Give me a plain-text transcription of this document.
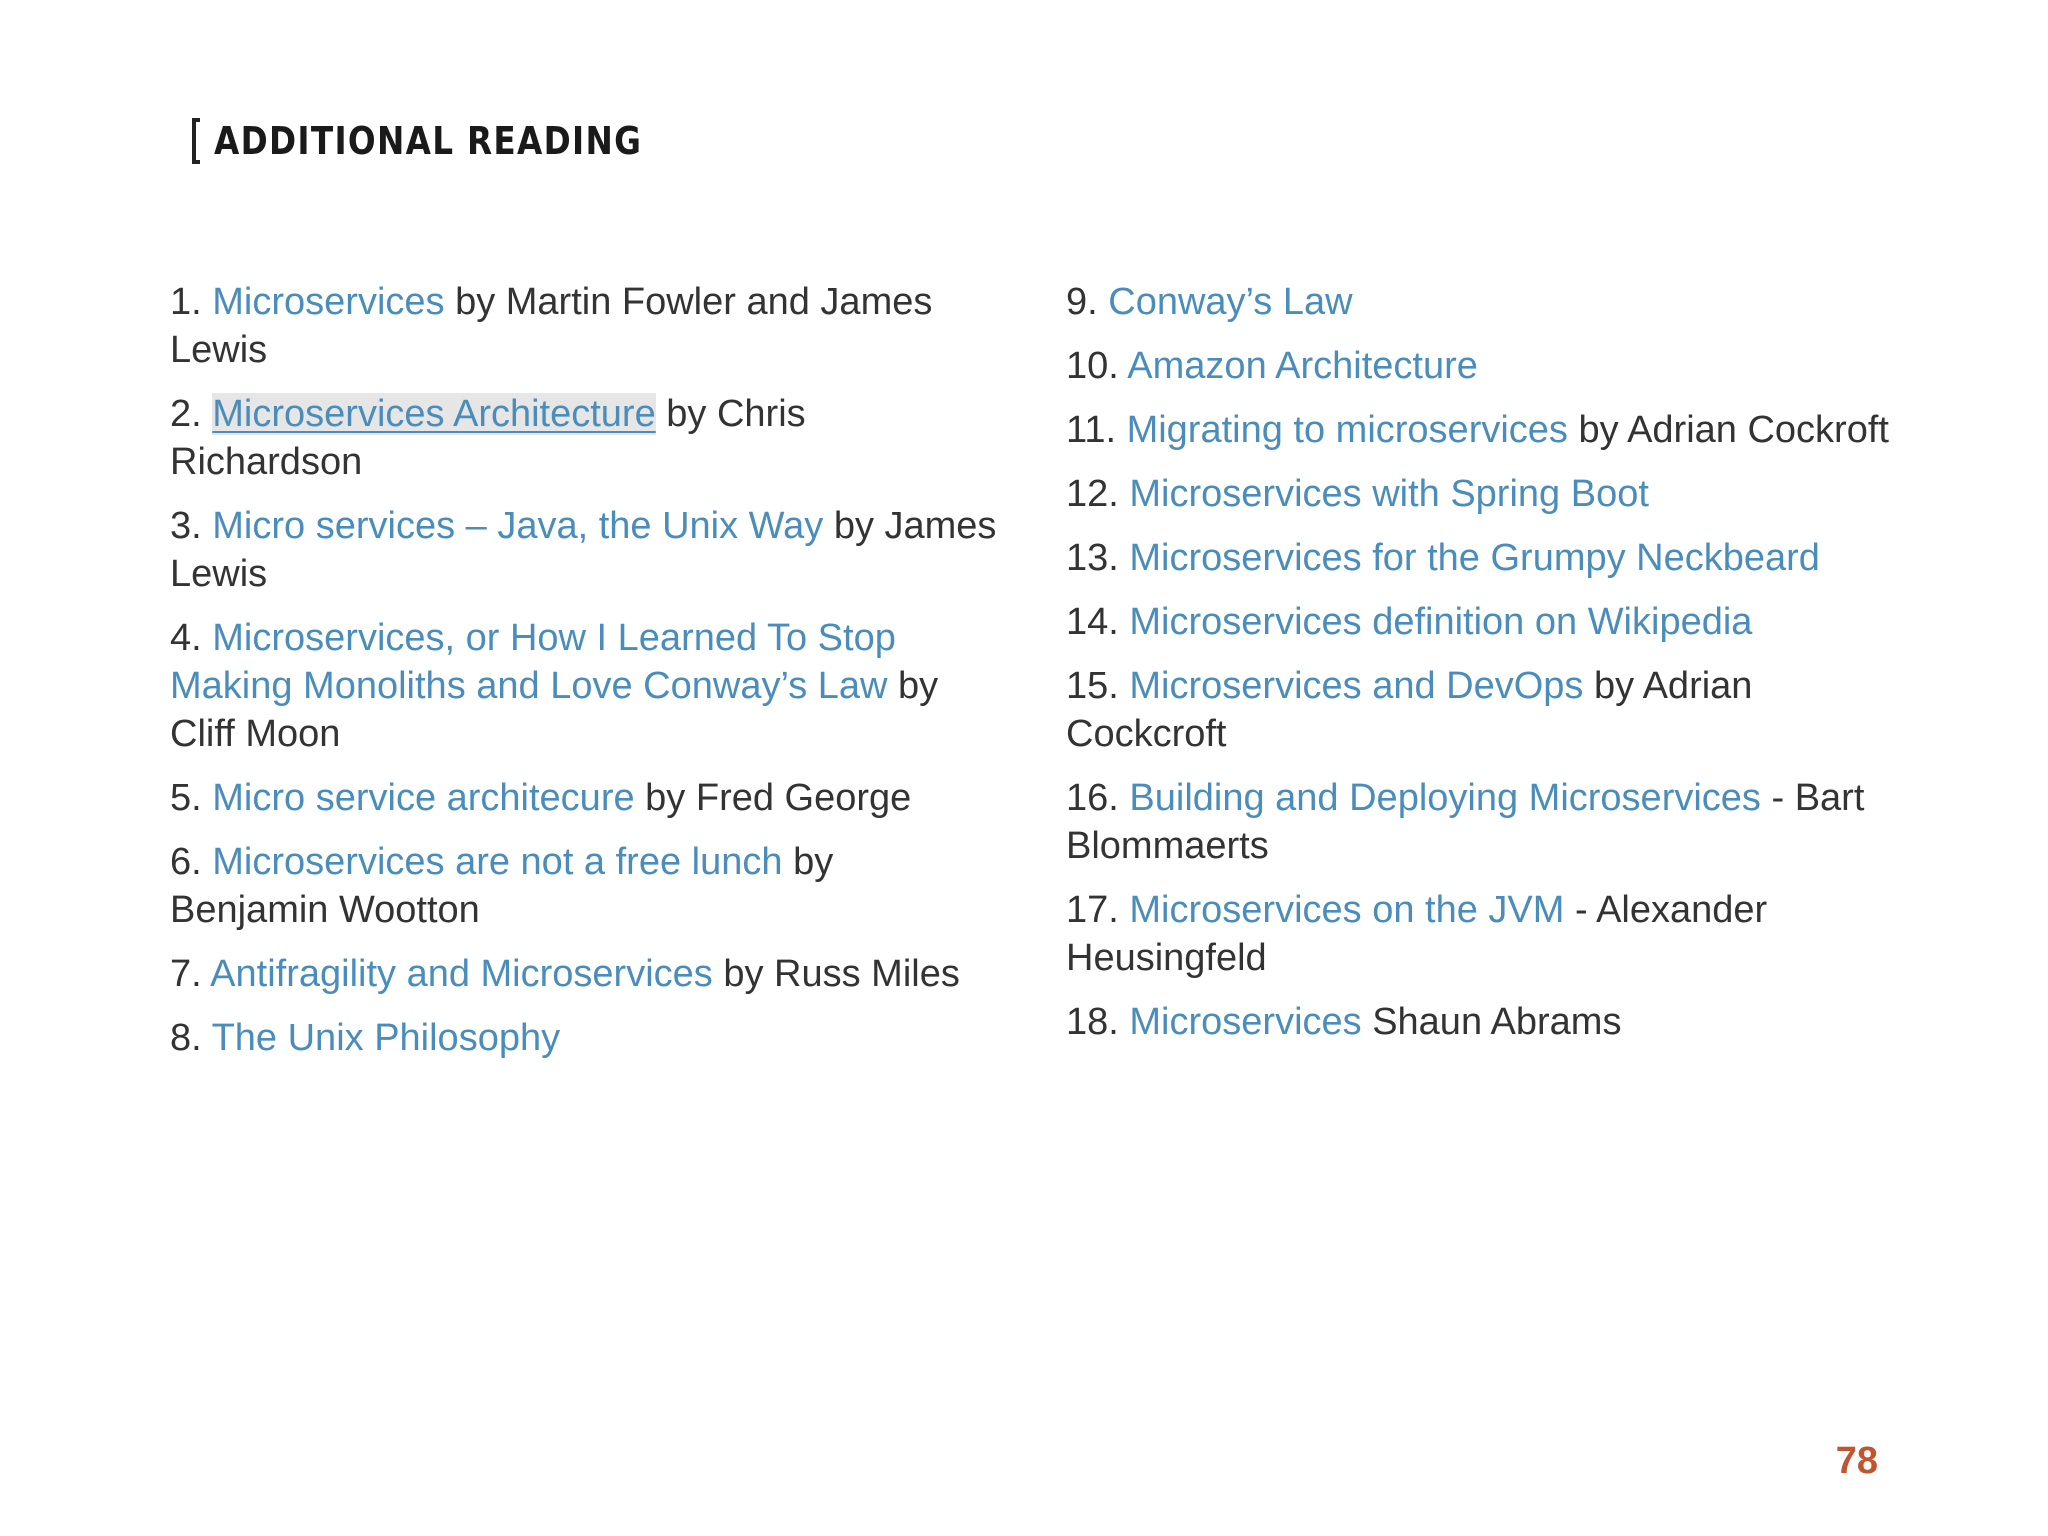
ADDITIONAL READING
1. Microservices by Martin Fowler and James Lewis
2. Microservices Architecture by Chris Richardson
3. Micro services – Java, the Unix Way by James Lewis
4. Microservices, or How I Learned To Stop Making Monoliths and Love Conway’s Law by Cliff Moon
5. Micro service architecure by Fred George
6. Microservices are not a free lunch by Benjamin Wootton
7. Antifragility and Microservices by Russ Miles
8. The Unix Philosophy
9. Conway’s Law
10. Amazon Architecture
11. Migrating to microservices by Adrian Cockroft
12. Microservices with Spring Boot
13. Microservices for the Grumpy Neckbeard
14. Microservices definition on Wikipedia
15. Microservices and DevOps by Adrian Cockcroft
16. Building and Deploying Microservices - Bart Blommaerts
17. Microservices on the JVM - Alexander Heusingfeld
18. Microservices Shaun Abrams
78
